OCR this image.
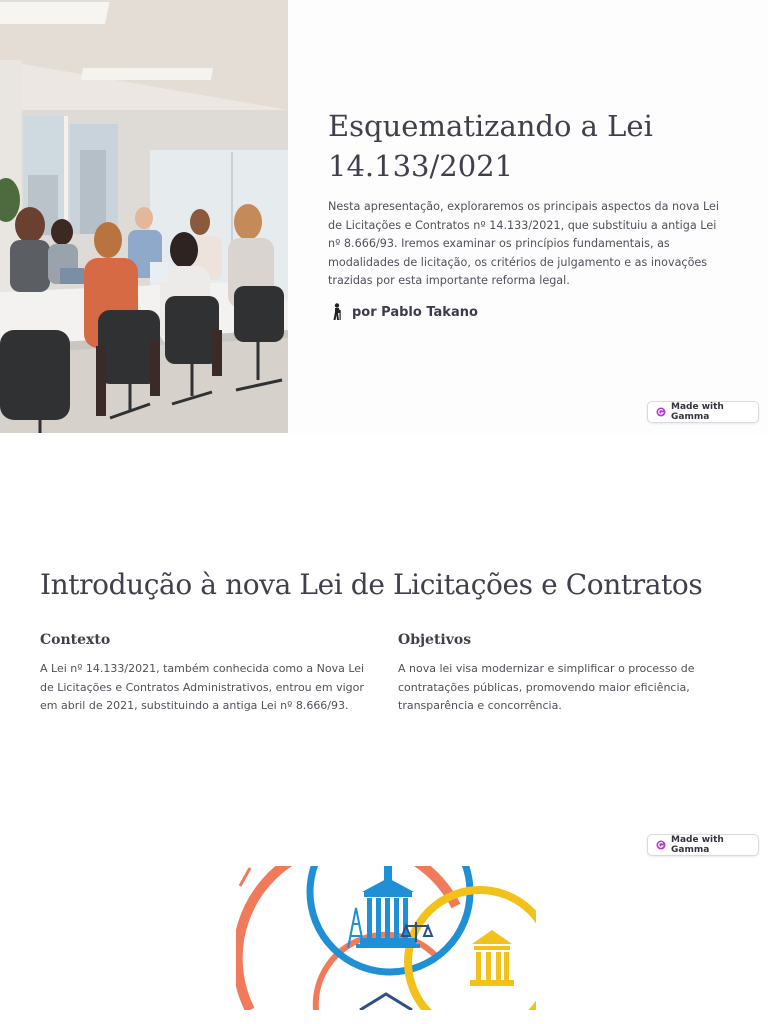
Esquematizando a Lei 14.133/2021

Nesta apresentação, exploraremos os principais aspectos da nova Lei de Licitações e Contratos nº 14.133/2021, que substituiu a antiga Lei nº 8.666/93. Iremos examinar os princípios fundamentais, as modalidades de licitação, os critérios de julgamento e as inovações trazidas por esta importante reforma legal.

por Pablo Takano
Made with Gamma
Introdução à nova Lei de Licitações e Contratos
Contexto

A Lei nº 14.133/2021, também conhecida como a Nova Lei de Licitações e Contratos Administrativos, entrou em vigor em abril de 2021, substituindo a antiga Lei nº 8.666/93.

Objetivos

A nova lei visa modernizar e simplificar o processo de contratações públicas, promovendo maior eficiência, transparência e concorrência.

Made with Gamma
